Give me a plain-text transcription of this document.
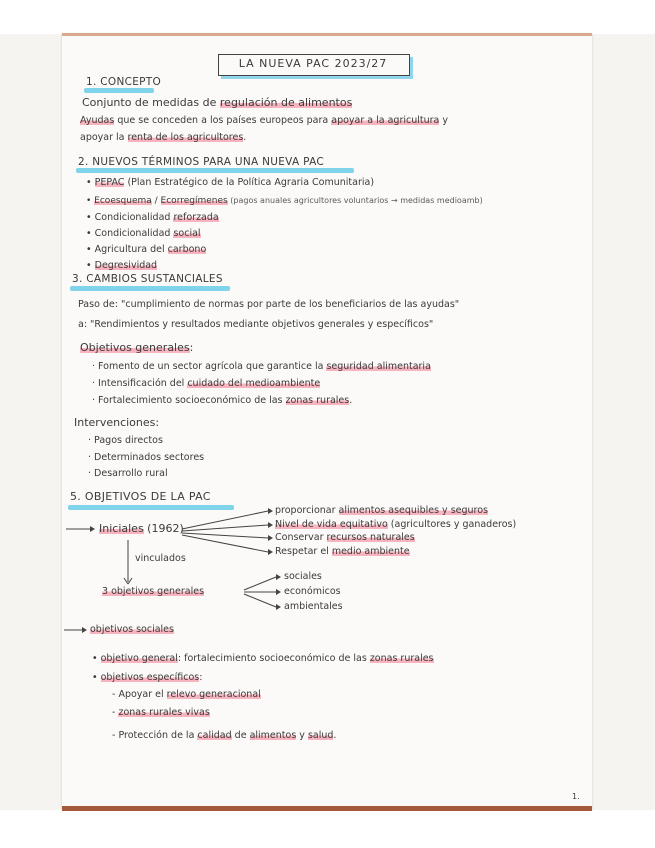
LA NUEVA PAC 2023/27
1. CONCEPTO
Conjunto de medidas de regulación de alimentos
Ayudas que se conceden a los países europeos para apoyar a la agricultura y
apoyar la renta de los agricultores.
2. NUEVOS TÉRMINOS PARA UNA NUEVA PAC
• PEPAC (Plan Estratégico de la Política Agraria Comunitaria)
• Ecoesquema / Ecorregímenes (pagos anuales agricultores voluntarios → medidas medioamb)
• Condicionalidad reforzada
• Condicionalidad social
• Agricultura del carbono
• Degresividad
3. CAMBIOS SUSTANCIALES
Paso de: "cumplimiento de normas por parte de los beneficiarios de las ayudas"
a: "Rendimientos y resultados mediante objetivos generales y específicos"
Objetivos generales:
· Fomento de un sector agrícola que garantice la seguridad alimentaria
· Intensificación del cuidado del medioambiente
· Fortalecimiento socioeconómico de las zonas rurales.
Intervenciones:
· Pagos directos
· Determinados sectores
· Desarrollo rural
5. OBJETIVOS DE LA PAC
Iniciales (1962)
proporcionar alimentos asequibles y seguros
Nivel de vida equitativo (agricultores y ganaderos)
Conservar recursos naturales
Respetar el medio ambiente
vinculados
3 objetivos generales
sociales
económicos
ambientales
objetivos sociales
• objetivo general: fortalecimiento socioeconómico de las zonas rurales
• objetivos específicos:
- Apoyar el relevo generacional
- zonas rurales vivas
- Protección de la calidad de alimentos y salud.
1.
